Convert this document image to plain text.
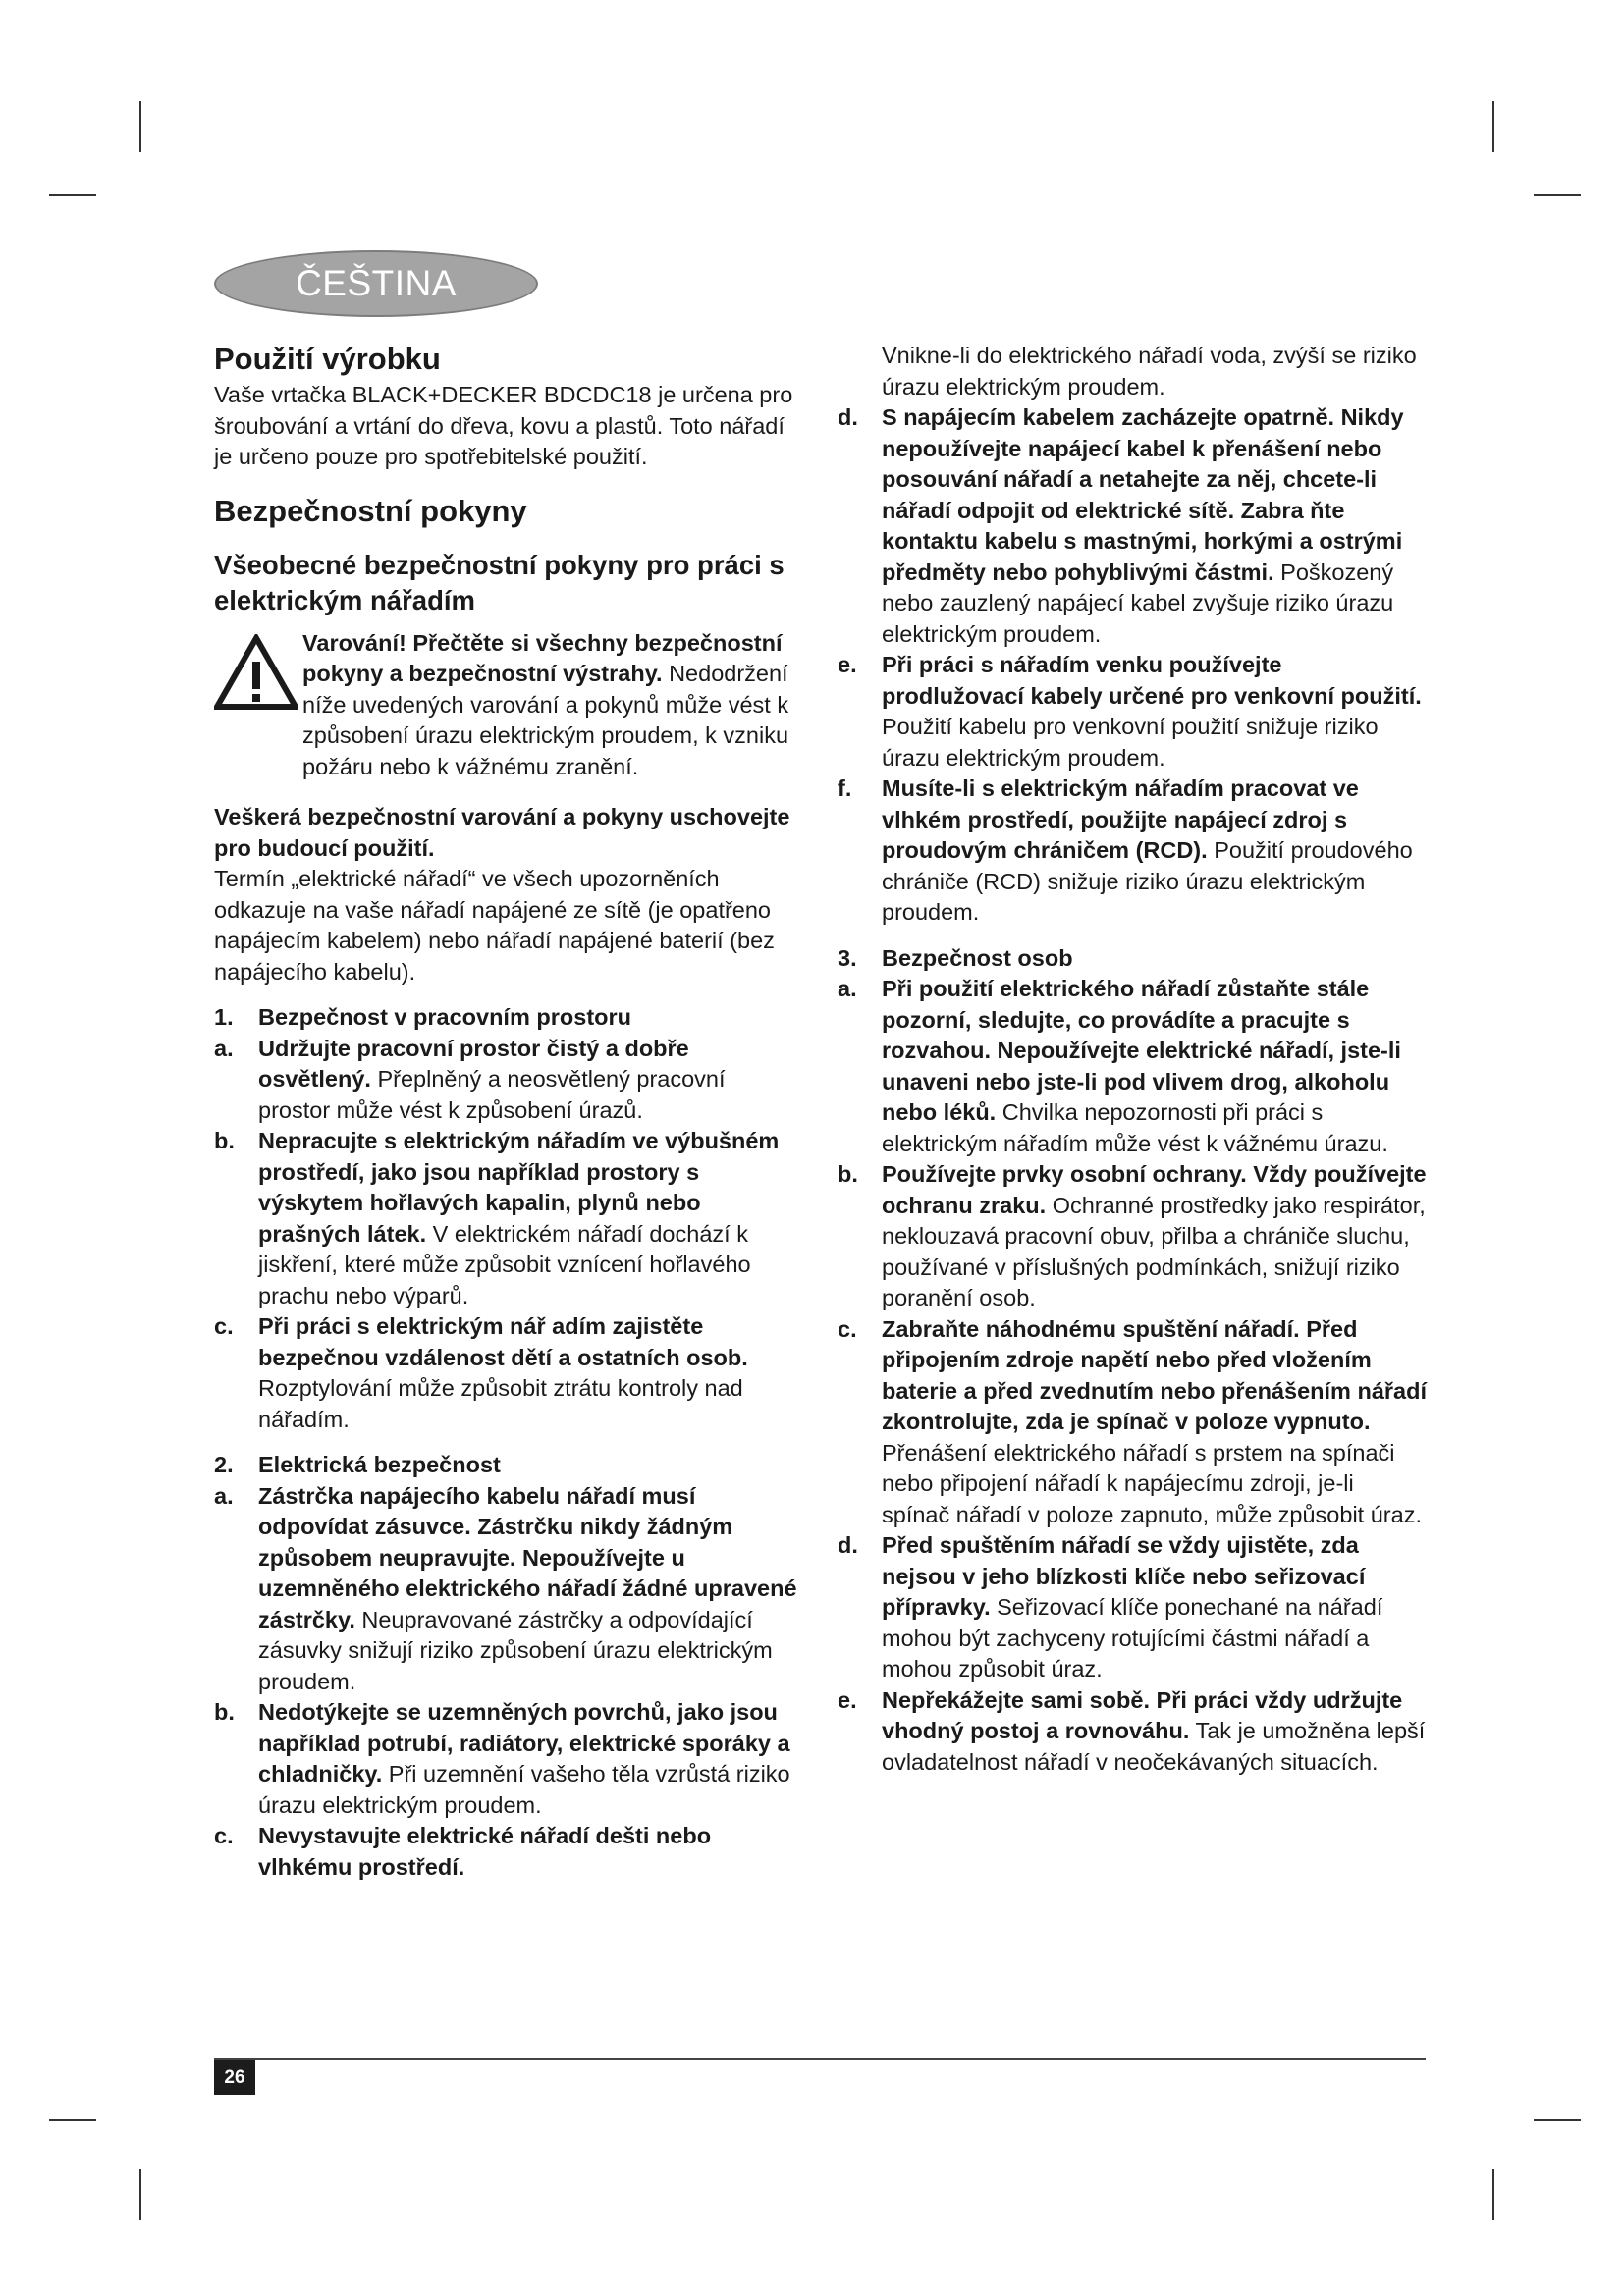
ČEŠTINA
Použití výrobku

Vaše vrtačka BLACK+DECKER BDCDC18 je určena pro šroubování a vrtání do dřeva, kovu a plastů. Toto nářadí je určeno pouze pro spotřebitelské použití.

Bezpečnostní pokyny
Všeobecné bezpečnostní pokyny pro práci s elektrickým nářadím
Varování! Přečtěte si všechny bezpečnostní pokyny a bezpečnostní výstrahy. Nedodržení níže uvedených varování a pokynů může vést k způsobení úrazu elektrickým proudem, k vzniku požáru nebo k vážnému zranění.

Veškerá bezpečnostní varování a pokyny uschovejte pro budoucí použití.

Termín „elektrické nářadí“ ve všech upozorněních odkazuje na vaše nářadí napájené ze sítě (je opatřeno napájecím kabelem) nebo nářadí napájené baterií (bez napájecího kabelu).

1.	Bezpečnost v pracovním prostoru
a.	Udržujte pracovní prostor čistý a dobře osvětlený. Přeplněný a neosvětlený pracovní prostor může vést k způsobení úrazů.
b.	Nepracujte s elektrickým nářadím ve výbušném prostředí, jako jsou například prostory s výskytem hořlavých kapalin, plynů nebo prašných látek. V elektrickém nářadí dochází k jiskření, které může způsobit vznícení hořlavého prachu nebo výparů.
c.	Při práci s elektrickým nář adím zajistěte bezpečnou vzdálenost dětí a ostatních osob. Rozptylování může způsobit ztrátu kontroly nad nářadím.
2.	Elektrická bezpečnost
a.	Zástrčka napájecího kabelu nářadí musí odpovídat zásuvce. Zástrčku nikdy žádným způsobem neupravujte. Nepoužívejte u uzemněného elektrického nářadí žádné upravené zástrčky. Neupravované zástrčky a odpovídající zásuvky snižují riziko způsobení úrazu elektrickým proudem.
b.	Nedotýkejte se uzemněných povrchů, jako jsou například potrubí, radiátory, elektrické sporáky a chladničky. Při uzemnění vašeho těla vzrůstá riziko úrazu elektrickým proudem.
c.	Nevystavujte elektrické nářadí dešti nebo vlhkému prostředí.

Vnikne-li do elektrického nářadí voda, zvýší se riziko úrazu elektrickým proudem.

d.	S napájecím kabelem zacházejte opatrně. Nikdy nepoužívejte napájecí kabel k přenášení nebo posouvání nářadí a netahejte za něj, chcete-li nářadí odpojit od elektrické sítě. Zabra ňte kontaktu kabelu s mastnými, horkými a ostrými předměty nebo pohyblivými částmi. Poškozený nebo zauzlený napájecí kabel zvyšuje riziko úrazu elektrickým proudem.
e.	Při práci s nářadím venku používejte prodlužovací kabely určené pro venkovní použití. Použití kabelu pro venkovní použití snižuje riziko úrazu elektrickým proudem.
f.	Musíte-li s elektrickým nářadím pracovat ve vlhkém prostředí, použijte napájecí zdroj s proudovým chráničem (RCD). Použití proudového chrániče (RCD) snižuje riziko úrazu elektrickým proudem.
3.	Bezpečnost osob
a.	Při použití elektrického nářadí zůstaňte stále pozorní, sledujte, co provádíte a pracujte s rozvahou. Nepoužívejte elektrické nářadí, jste-li unaveni nebo jste-li pod vlivem drog, alkoholu nebo léků. Chvilka nepozornosti při práci s elektrickým nářadím může vést k vážnému úrazu.
b.	Používejte prvky osobní ochrany. Vždy používejte ochranu zraku. Ochranné prostředky jako respirátor, neklouzavá pracovní obuv, přilba a chrániče sluchu, používané v příslušných podmínkách, snižují riziko poranění osob.
c.	Zabraňte náhodnému spuštění nářadí. Před připojením zdroje napětí nebo před vložením baterie a před zvednutím nebo přenášením nářadí zkontrolujte, zda je spínač v poloze vypnuto. Přenášení elektrického nářadí s prstem na spínači nebo připojení nářadí k napájecímu zdroji, je-li spínač nářadí v poloze zapnuto, může způsobit úraz.
d.	Před spuštěním nářadí se vždy ujistěte, zda nejsou v jeho blízkosti klíče nebo seřizovací přípravky. Seřizovací klíče ponechané na nářadí mohou být zachyceny rotujícími částmi nářadí a mohou způsobit úraz.
e.	Nepřekážejte sami sobě. Při práci vždy udržujte vhodný postoj a rovnováhu. Tak je umožněna lepší ovladatelnost nářadí v neočekávaných situacích.
26
